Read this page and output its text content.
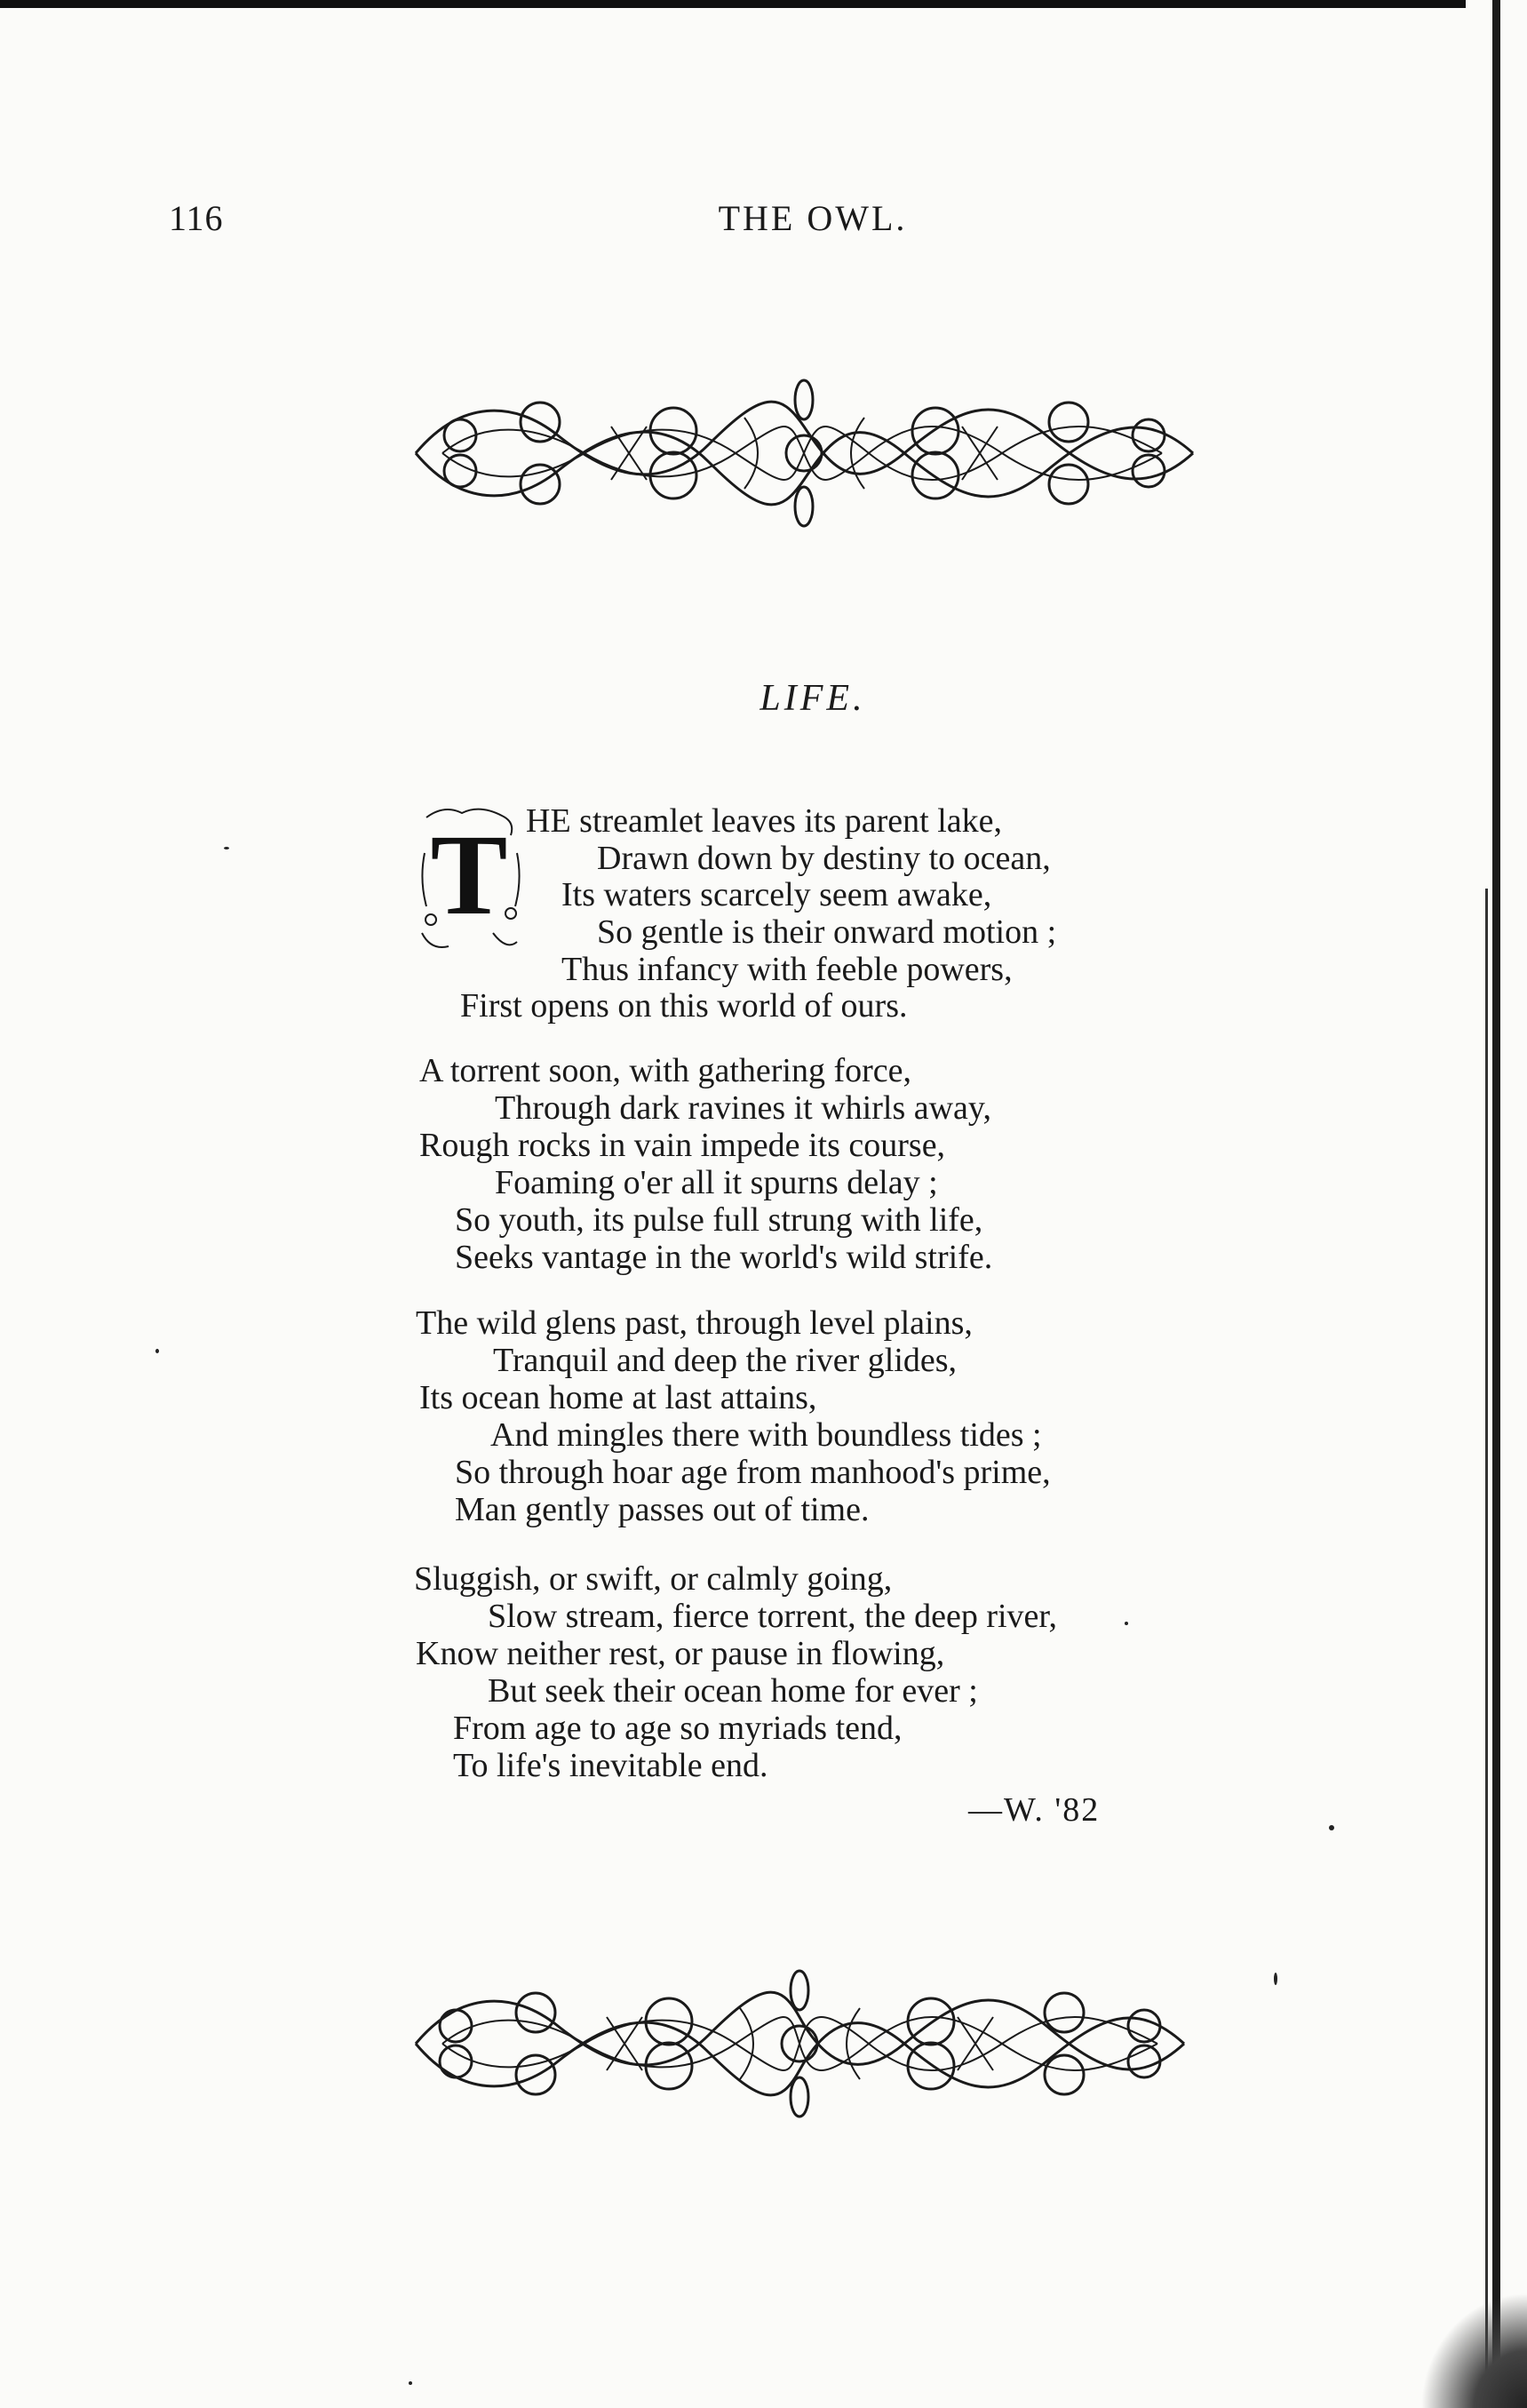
116	THE OWL.
LIFE.
T HE streamlet leaves its parent lake,
Drawn down by destiny to ocean,
Its waters scarcely seem awake,
So gentle is their onward motion ;
Thus infancy with feeble powers,
First opens on this world of ours.
A torrent soon, with gathering force,
Through dark ravines it whirls away,
Rough rocks in vain impede its course,
Foaming o'er all it spurns delay ;
So youth, its pulse full strung with life,
Seeks vantage in the world's wild strife.
The wild glens past, through level plains,
Tranquil and deep the river glides,
Its ocean home at last attains,
And mingles there with boundless tides ;
So through hoar age from manhood's prime,
Man gently passes out of time.
Sluggish, or swift, or calmly going,
Slow stream, fierce torrent, the deep river,
Know neither rest, or pause in flowing,
But seek their ocean home for ever ;
From age to age so myriads tend,
To life's inevitable end.
—W. '82
